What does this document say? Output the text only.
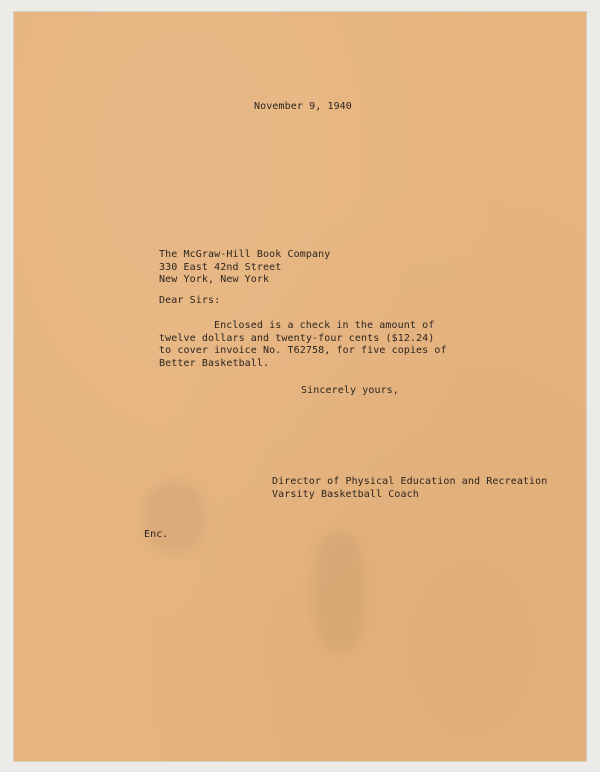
November 9, 1940
The McGraw-Hill Book Company
330 East 42nd Street
New York, New York
Dear Sirs:
Enclosed is a check in the amount of
twelve dollars and twenty-four cents ($12.24)
to cover invoice No. T62758, for five copies of
Better Basketball.
Sincerely yours,
Director of Physical Education and Recreation
Varsity Basketball Coach
Enc.
